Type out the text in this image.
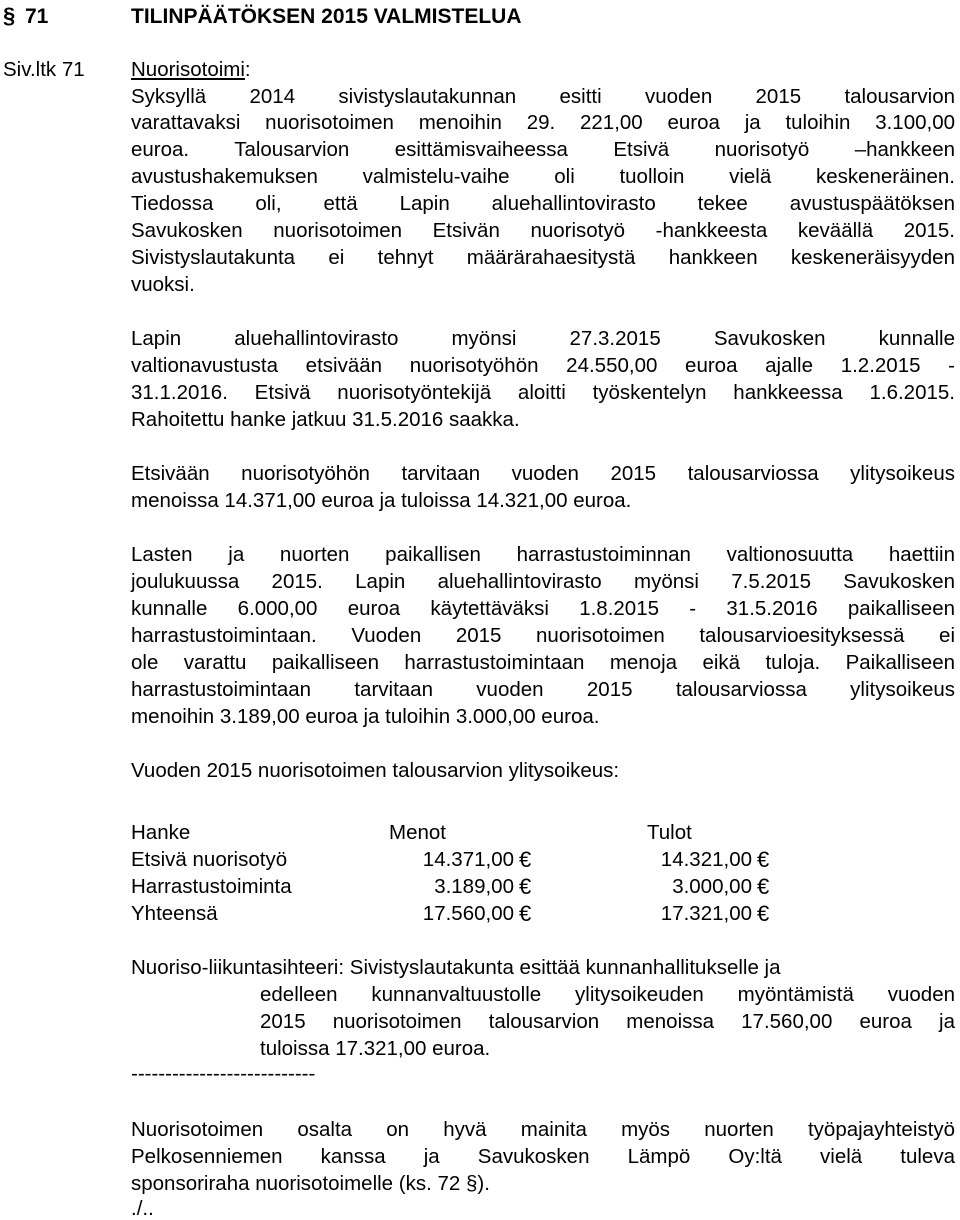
§ 71	TILINPÄÄTÖKSEN 2015 VALMISTELUA
Siv.ltk 71 Nuorisotoimi:
Syksyllä 2014 sivistyslautakunnan esitti vuoden 2015 talousarvion
varattavaksi nuorisotoimen menoihin 29. 221,00 euroa ja tuloihin 3.100,00
euroa. Talousarvion esittämisvaiheessa Etsivä nuorisotyö –hankkeen
avustushakemuksen valmistelu-vaihe oli tuolloin vielä keskeneräinen.
Tiedossa oli, että Lapin aluehallintovirasto tekee avustuspäätöksen
Savukosken nuorisotoimen Etsivän nuorisotyö -hankkeesta keväällä 2015.
Sivistyslautakunta ei tehnyt määrärahaesitystä hankkeen keskeneräisyyden
vuoksi.
Lapin aluehallintovirasto myönsi 27.3.2015 Savukosken kunnalle
valtionavustusta etsivään nuorisotyöhön 24.550,00 euroa ajalle 1.2.2015 -
31.1.2016. Etsivä nuorisotyöntekijä aloitti työskentelyn hankkeessa 1.6.2015.
Rahoitettu hanke jatkuu 31.5.2016 saakka.
Etsivään nuorisotyöhön tarvitaan vuoden 2015 talousarviossa ylitysoikeus
menoissa 14.371,00 euroa ja tuloissa 14.321,00 euroa.
Lasten ja nuorten paikallisen harrastustoiminnan valtionosuutta haettiin
joulukuussa 2015. Lapin aluehallintovirasto myönsi 7.5.2015 Savukosken
kunnalle 6.000,00 euroa käytettäväksi 1.8.2015 - 31.5.2016 paikalliseen
harrastustoimintaan. Vuoden 2015 nuorisotoimen talousarvioesityksessä ei
ole varattu paikalliseen harrastustoimintaan menoja eikä tuloja. Paikalliseen
harrastustoimintaan tarvitaan vuoden 2015 talousarviossa ylitysoikeus
menoihin 3.189,00 euroa ja tuloihin 3.000,00 euroa.
Vuoden 2015 nuorisotoimen talousarvion ylitysoikeus:
Hanke	Menot	Tulot
Etsivä nuorisotyö	14.371,00 €	14.321,00 €
Harrastustoiminta	3.189,00 €	3.000,00 €
Yhteensä	17.560,00 €	17.321,00 €
Nuoriso-liikuntasihteeri: Sivistyslautakunta esittää kunnanhallitukselle ja
edelleen kunnanvaltuustolle ylitysoikeuden myöntämistä vuoden
2015 nuorisotoimen talousarvion menoissa 17.560,00 euroa ja
tuloissa 17.321,00 euroa.
---------------------------
Nuorisotoimen osalta on hyvä mainita myös nuorten työpajayhteistyö
Pelkosenniemen kanssa ja Savukosken Lämpö Oy:ltä vielä tuleva
sponsoriraha nuorisotoimelle (ks. 72 §).
./..
